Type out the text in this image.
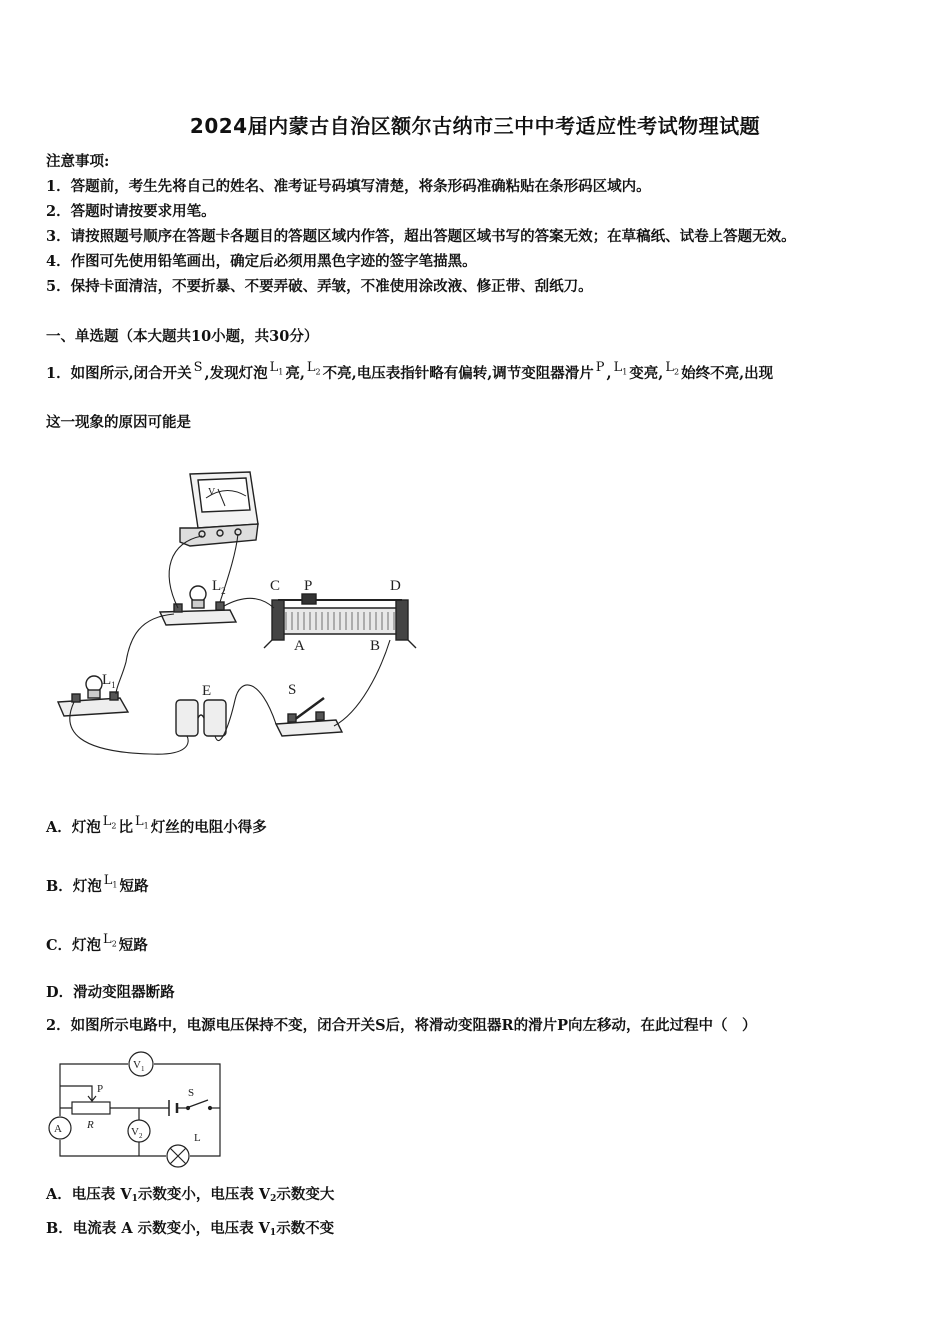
2024届内蒙古自治区额尔古纳市三中中考适应性考试物理试题
注意事项:
1．答题前，考生先将自己的姓名、准考证号码填写清楚，将条形码准确粘贴在条形码区域内。
2．答题时请按要求用笔。
3．请按照题号顺序在答题卡各题目的答题区域内作答，超出答题区域书写的答案无效；在草稿纸、试卷上答题无效。
4．作图可先使用铅笔画出，确定后必须用黑色字迹的签字笔描黑。
5．保持卡面清洁，不要折暴、不要弄破、弄皱，不准使用涂改液、修正带、刮纸刀。
一、单选题（本大题共10小题，共30分）
1．如图所示,闭合开关 S ,发现灯泡 $L_1$ 亮, $L_2$ 不亮,电压表指针略有偏转,调节变阻器滑片 P , $L_1$ 变亮, $L_2$ 始终不亮,出现
这一现象的原因可能是
V
$L_2$	C P	D
A	B
$L_1$	E	S
A．灯泡 $L_2$ 比 $L_1$ 灯丝的电阻小得多
B．灯泡 $L_1$ 短路
C．灯泡 $L_2$ 短路
D．滑动变阻器断路
2．如图所示电路中，电源电压保持不变，闭合开关S后，将滑动变阻器R的滑片P向左移动，在此过程中（　）
$V_1$
A
P
R
S
$V_2$	L
A．电压表 $V_1$示数变小，电压表 $V_2$示数变大
B．电流表 A 示数变小，电压表 $V_1$示数不变
